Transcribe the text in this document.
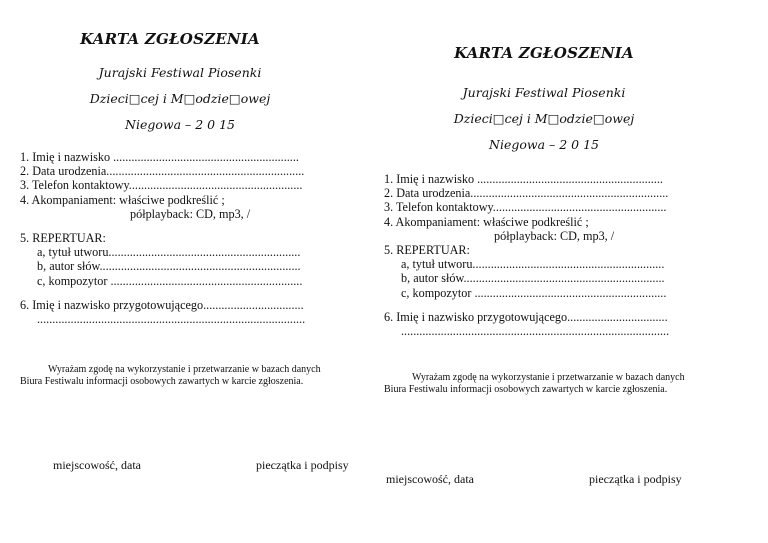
KARTA ZGŁOSZENIA
Jurajski Festiwal Piosenki
Dzieci□cej i M□odzie□owej
Niegowa – 2 0 15
1. Imię i nazwisko .............................................................
2. Data urodzenia.................................................................
3. Telefon kontaktowy.........................................................
4. Akompaniament: właściwe podkreślić ;
półplayback: CD, mp3, /
5. REPERTUAR:
a, tytuł utworu...............................................................
b, autor słów..................................................................
c, kompozytor ...............................................................
6. Imię i nazwisko przygotowującego.................................
........................................................................................
Wyrażam zgodę na wykorzystanie i przetwarzanie w bazach danych Biura Festiwalu informacji osobowych zawartych w karcie zgłoszenia.
miejscowość, data	pieczątka i podpisy
KARTA ZGŁOSZENIA
Jurajski Festiwal Piosenki
Dzieci□cej i M□odzie□owej
Niegowa – 2 0 15
1. Imię i nazwisko .............................................................
2. Data urodzenia.................................................................
3. Telefon kontaktowy.........................................................
4. Akompaniament: właściwe podkreślić ;
półplayback: CD, mp3, /
5. REPERTUAR:
a, tytuł utworu...............................................................
b, autor słów..................................................................
c, kompozytor ...............................................................
6. Imię i nazwisko przygotowującego.................................
........................................................................................
Wyrażam zgodę na wykorzystanie i przetwarzanie w bazach danych Biura Festiwalu informacji osobowych zawartych w karcie zgłoszenia.
miejscowość, data	pieczątka i podpisy
